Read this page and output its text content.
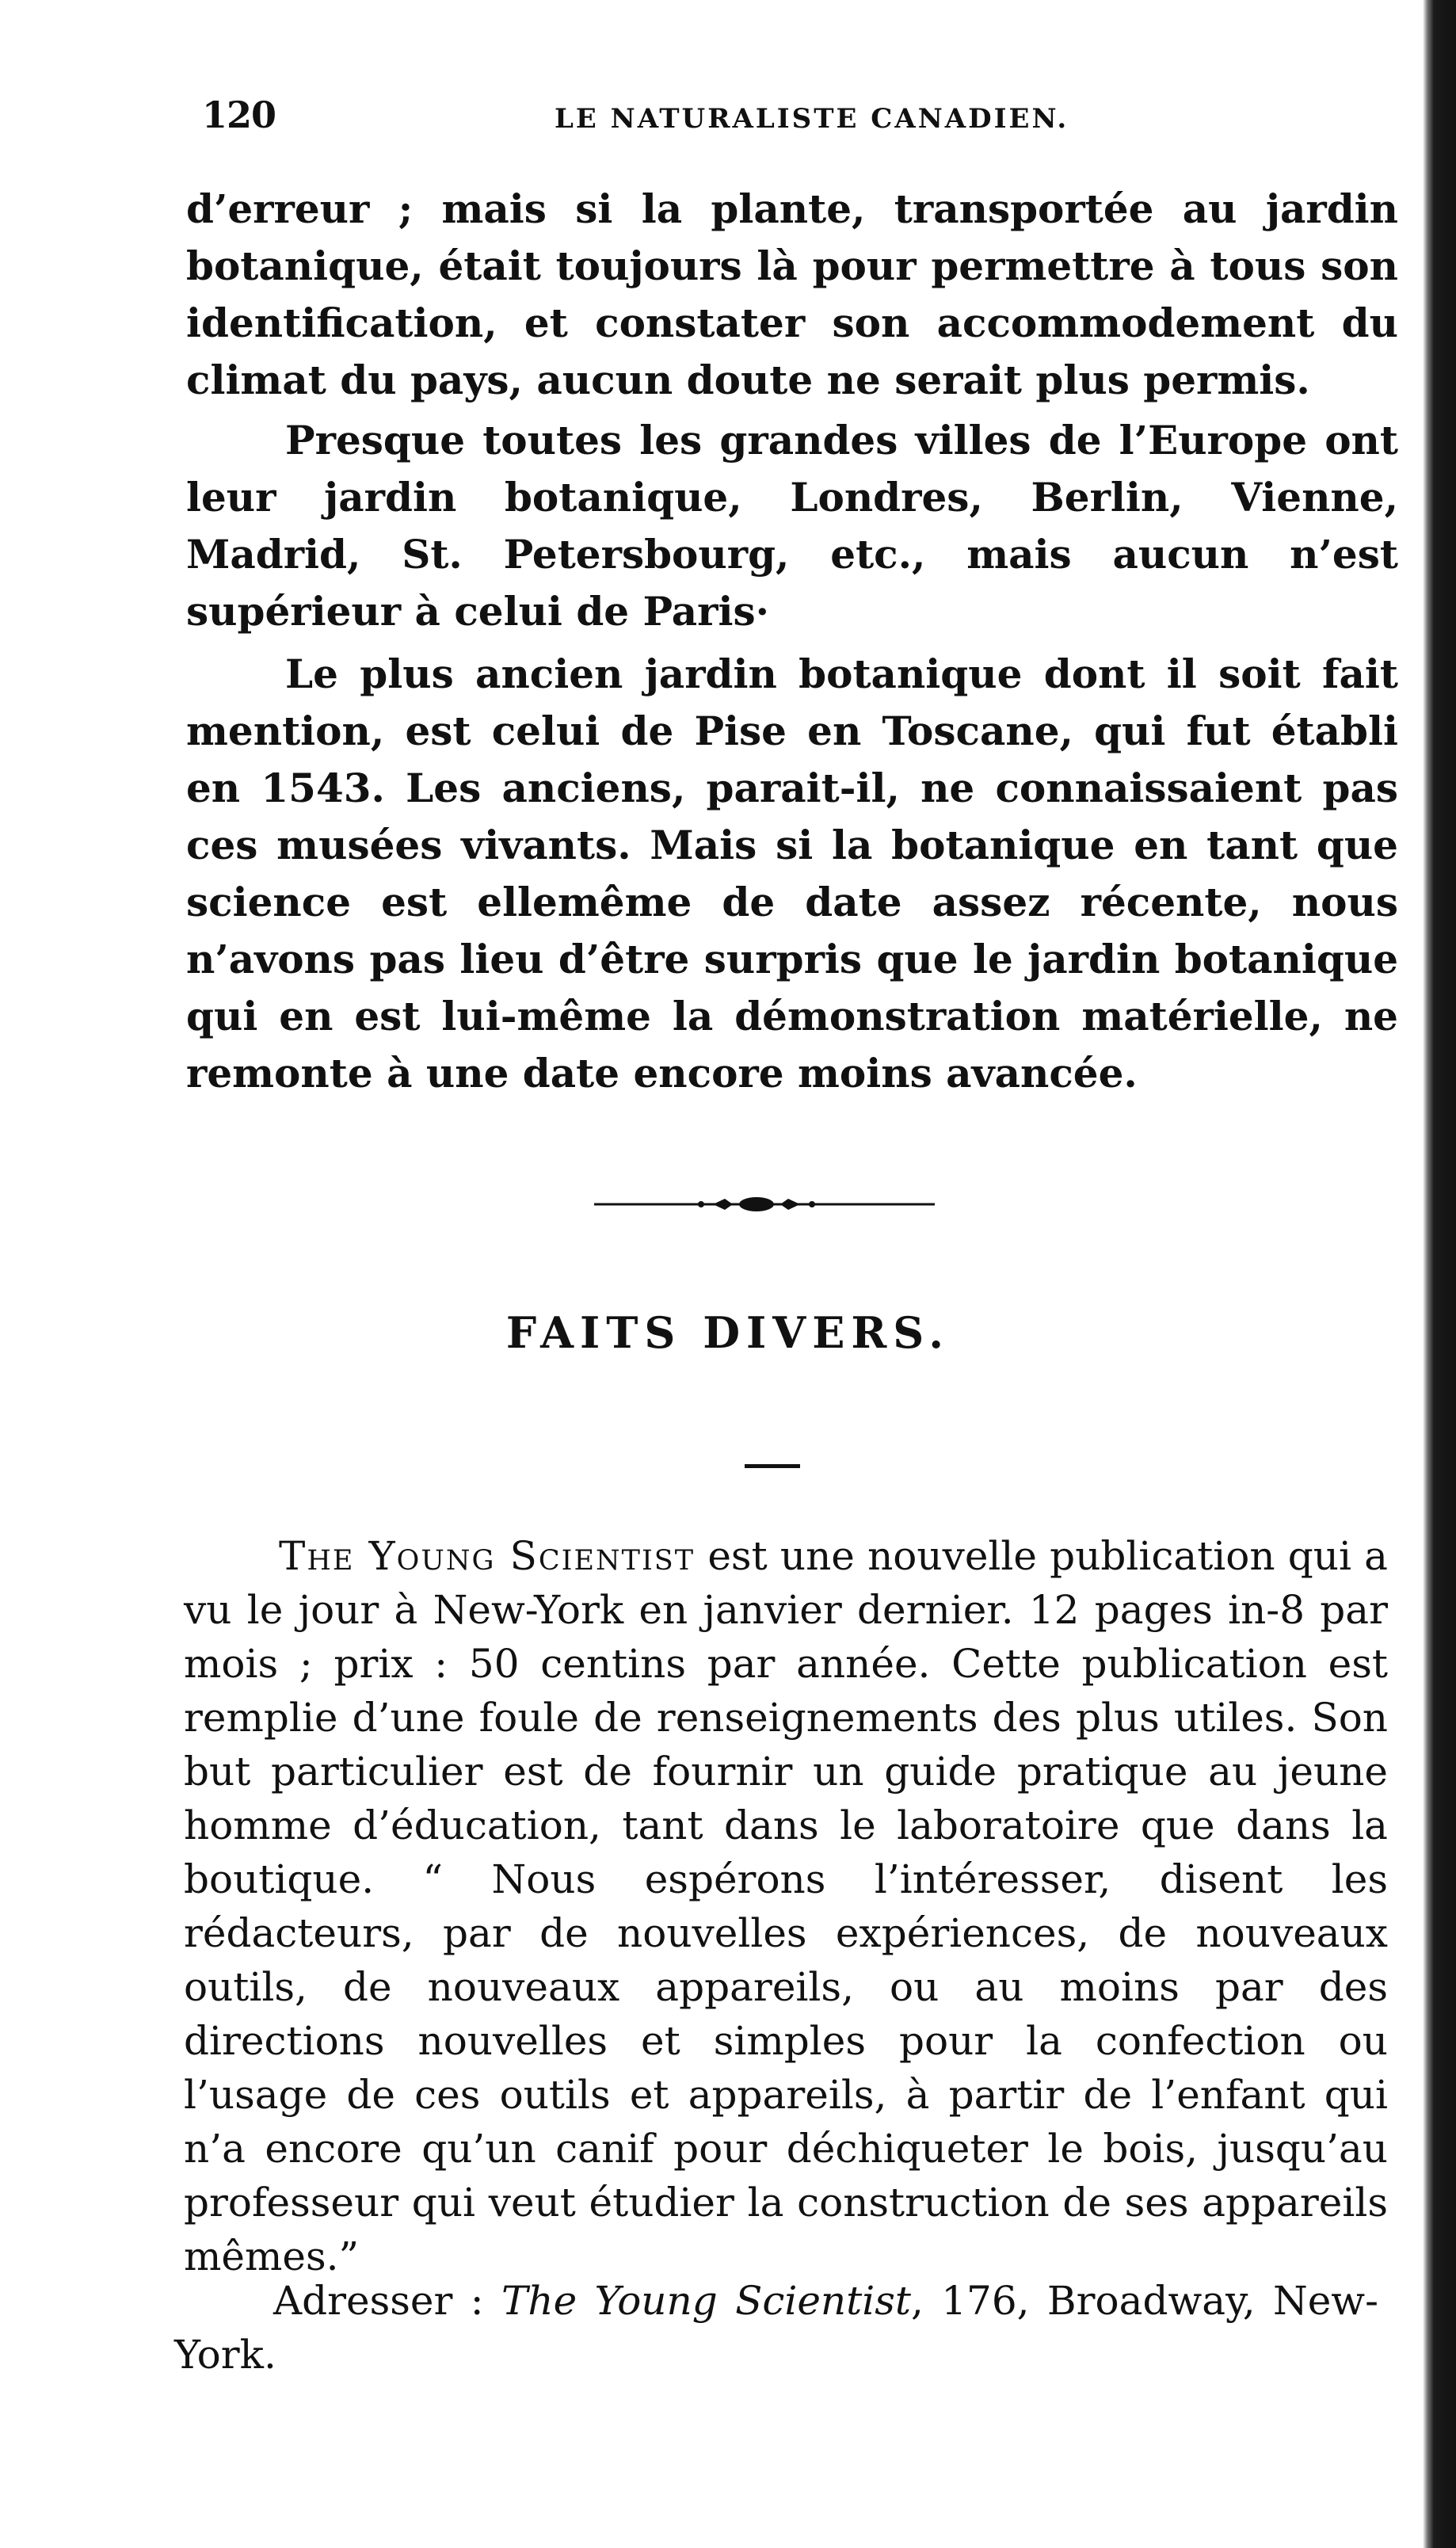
120	LE NATURALISTE CANADIEN.

d’erreur ; mais si la plante, transportée au jardin botanique, était toujours là pour permettre à tous son identification, et constater son accommodement du climat du pays, aucun doute ne serait plus permis.

Presque toutes les grandes villes de l’Europe ont leur jardin botanique, Londres, Berlin, Vienne, Madrid, St. Petersbourg, etc., mais aucun n’est supérieur à celui de Paris·

Le plus ancien jardin botanique dont il soit fait mention, est celui de Pise en Toscane, qui fut établi en 1543. Les anciens, parait-il, ne connaissaient pas ces musées vivants. Mais si la botanique en tant que science est ellemême de date assez récente, nous n’avons pas lieu d’être surpris que le jardin botanique qui en est lui-même la démonstration matérielle, ne remonte à une date encore moins avancée.

FAITS DIVERS.

The Young Scientist est une nouvelle publication qui a vu le jour à New-York en janvier dernier. 12 pages in-8 par mois ; prix : 50 centins par année. Cette publication est remplie d’une foule de renseignements des plus utiles. Son but particulier est de fournir un guide pratique au jeune homme d’éducation, tant dans le laboratoire que dans la boutique. “ Nous espérons l’intéresser, disent les rédacteurs, par de nouvelles expériences, de nouveaux outils, de nouveaux appareils, ou au moins par des directions nouvelles et simples pour la confection ou l’usage de ces outils et appareils, à partir de l’enfant qui n’a encore qu’un canif pour déchiqueter le bois, jusqu’au professeur qui veut étudier la construction de ses appareils mêmes.”

Adresser : The Young Scientist, 176, Broadway, New-York.
